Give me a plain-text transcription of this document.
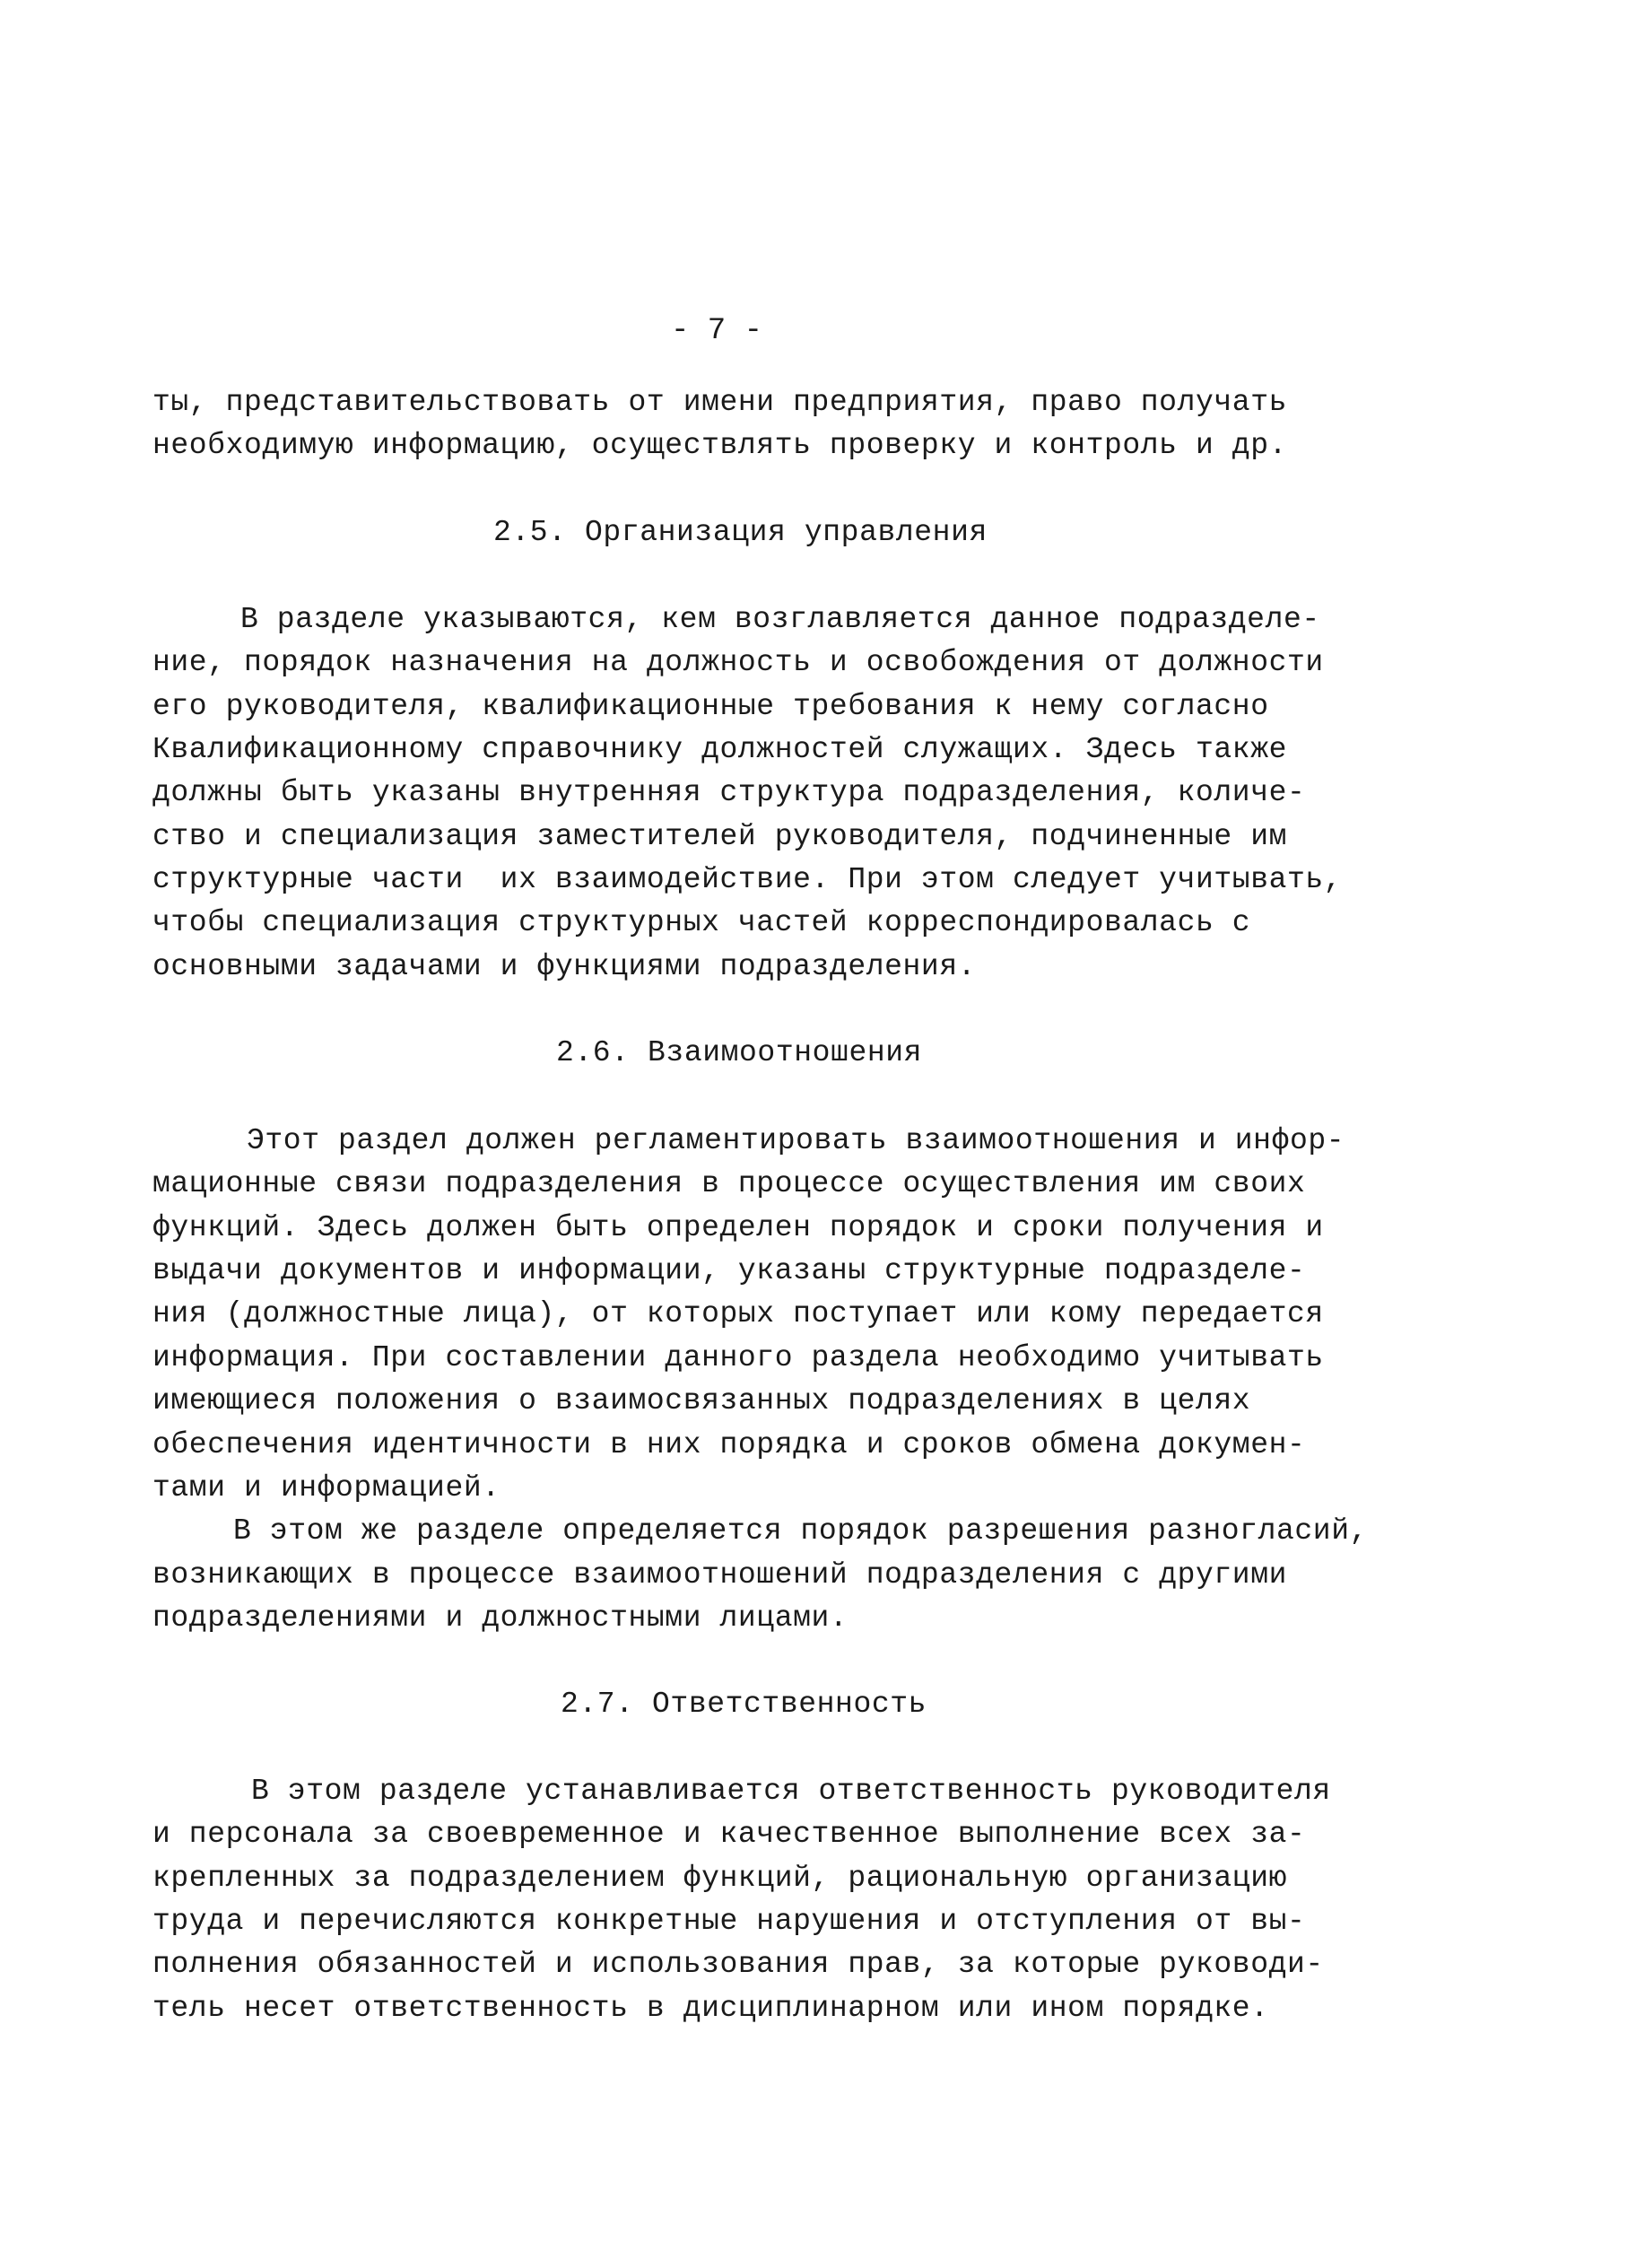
- 7 -
ты, представительствовать от имени предприятия, право получать
необходимую информацию, осуществлять проверку и контроль и др.
2.5. Организация управления
В разделе указываются, кем возглавляется данное подразделе-
ние, порядок назначения на должность и освобождения от должности
его руководителя, квалификационные требования к нему согласно
Квалификационному справочнику должностей служащих. Здесь также
должны быть указаны внутренняя структура подразделения, количе-
ство и специализация заместителей руководителя, подчиненные им
структурные части  их взаимодействие. При этом следует учитывать,
чтобы специализация структурных частей корреспондировалась с
основными задачами и функциями подразделения.
2.6. Взаимоотношения
Этот раздел должен регламентировать взаимоотношения и инфор-
мационные связи подразделения в процессе осуществления им своих
функций. Здесь должен быть определен порядок и сроки получения и
выдачи документов и информации, указаны структурные подразделе-
ния (должностные лица), от которых поступает или кому передается
информация. При составлении данного раздела необходимо учитывать
имеющиеся положения о взаимосвязанных подразделениях в целях
обеспечения идентичности в них порядка и сроков обмена докумен-
тами и информацией.
В этом же разделе определяется порядок разрешения разногласий,
возникающих в процессе взаимоотношений подразделения с другими
подразделениями и должностными лицами.
2.7. Ответственность
В этом разделе устанавливается ответственность руководителя
и персонала за своевременное и качественное выполнение всех за-
крепленных за подразделением функций, рациональную организацию
труда и перечисляются конкретные нарушения и отступления от вы-
полнения обязанностей и использования прав, за которые руководи-
тель несет ответственность в дисциплинарном или ином порядке.
